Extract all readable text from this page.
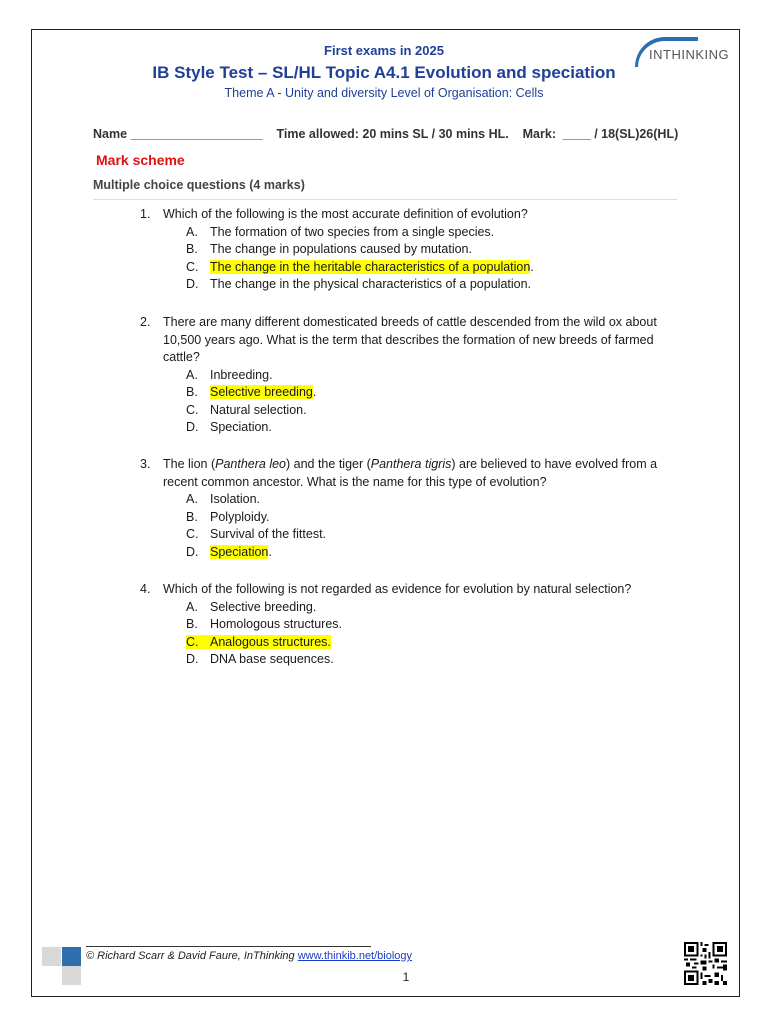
First exams in 2025
IB Style Test – SL/HL Topic A4.1 Evolution and speciation
Theme A - Unity and diversity Level of Organisation: Cells
INTHINKING
Name ___________________    Time allowed: 20 mins SL / 30 mins HL.    Mark:  ____ / 18(SL)26(HL)
Mark scheme
Multiple choice questions (4 marks)
1. Which of the following is the most accurate definition of evolution?
A. The formation of two species from a single species.
B. The change in populations caused by mutation.
C. The change in the heritable characteristics of a population.
D. The change in the physical characteristics of a population.
2. There are many different domesticated breeds of cattle descended from the wild ox about 10,500 years ago. What is the term that describes the formation of new breeds of farmed cattle?
A. Inbreeding.
B. Selective breeding.
C. Natural selection.
D. Speciation.
3. The lion (Panthera leo) and the tiger (Panthera tigris) are believed to have evolved from a recent common ancestor. What is the name for this type of evolution?
A. Isolation.
B. Polyploidy.
C. Survival of the fittest.
D. Speciation.
4. Which of the following is not regarded as evidence for evolution by natural selection?
A. Selective breeding.
B. Homologous structures.
C. Analogous structures.
D. DNA base sequences.
© Richard Scarr & David Faure, InThinking www.thinkib.net/biology
1
